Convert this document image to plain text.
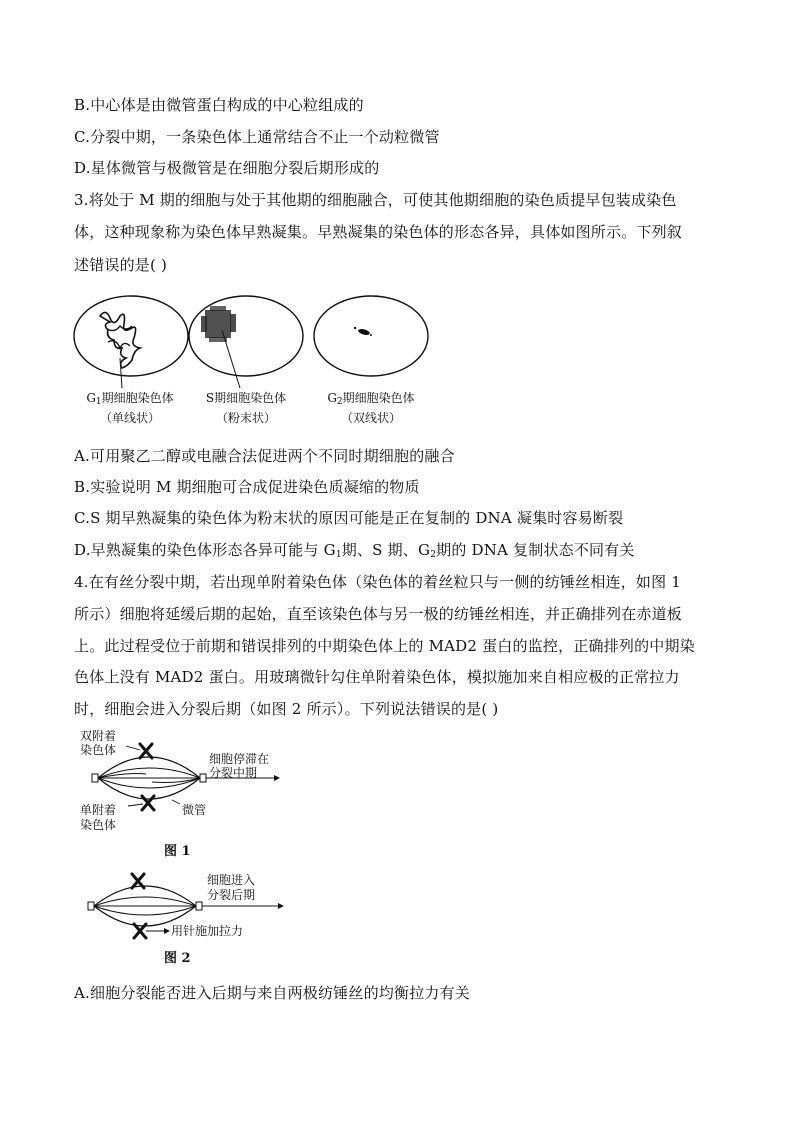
B.中心体是由微管蛋白构成的中心粒组成的
C.分裂中期，一条染色体上通常结合不止一个动粒微管
D.星体微管与极微管是在细胞分裂后期形成的
3.将处于 M 期的细胞与处于其他期的细胞融合，可使其他期细胞的染色质提早包装成染色
体，这种现象称为染色体早熟凝集。早熟凝集的染色体的形态各异，具体如图所示。下列叙
述错误的是( )
$G_1$期细胞染色体
（单线状）
S期细胞染色体
（粉末状）
$G_2$期细胞染色体
（双线状）
A.可用聚乙二醇或电融合法促进两个不同时期细胞的融合
B.实验说明 M 期细胞可合成促进染色质凝缩的物质
C.S 期早熟凝集的染色体为粉末状的原因可能是正在复制的 DNA 凝集时容易断裂
D.早熟凝集的染色体形态各异可能与 $G_1$期、S 期、$G_2$期的 DNA 复制状态不同有关
4.在有丝分裂中期，若出现单附着染色体（染色体的着丝粒只与一侧的纺锤丝相连，如图 1
所示）细胞将延缓后期的起始，直至该染色体与另一极的纺锤丝相连，并正确排列在赤道板
上。此过程受位于前期和错误排列的中期染色体上的 MAD2 蛋白的监控，正确排列的中期染
色体上没有 MAD2 蛋白。用玻璃微针勾住单附着染色体，模拟施加来自相应极的正常拉力
时，细胞会进入分裂后期（如图 2 所示）。下列说法错误的是( )
双附着
染色体
细胞停滞在
分裂中期
单附着
染色体
微管
图 1
细胞进入
分裂后期
用针施加拉力
图 2
A.细胞分裂能否进入后期与来自两极纺锤丝的均衡拉力有关
